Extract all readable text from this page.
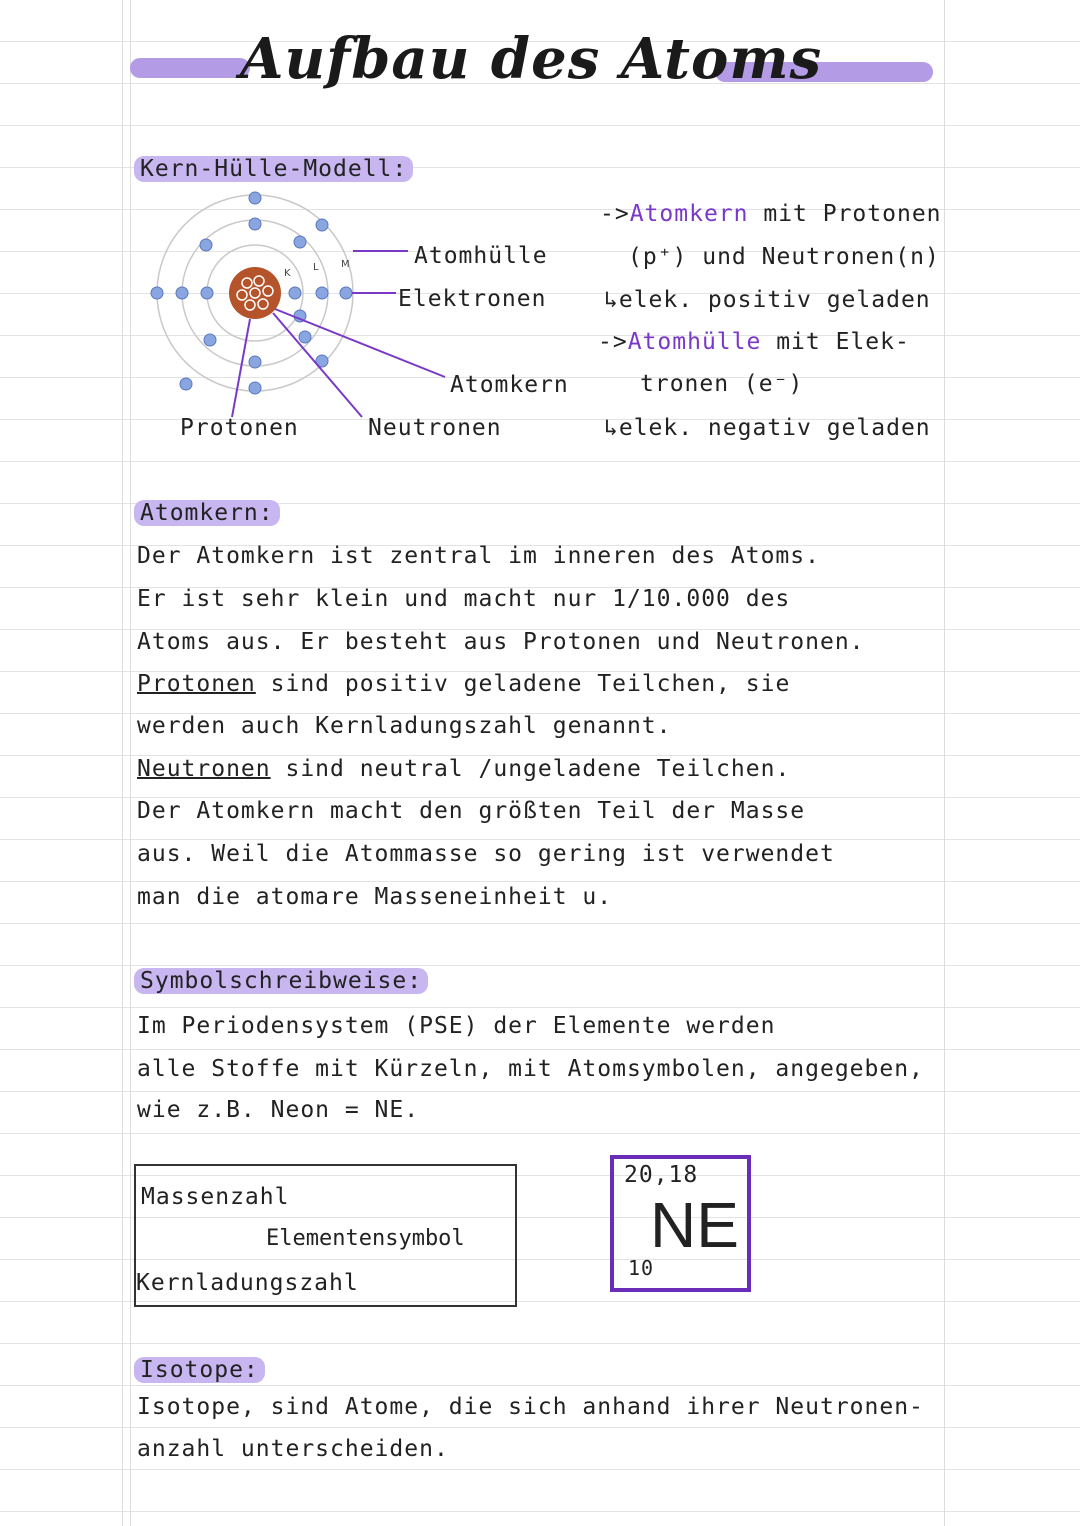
Aufbau des Atoms
Kern-Hülle-Modell:
K
L M	Atomhülle
Elektronen
Atomkern
Protonen	Neutronen
->Atomkern mit Protonen
(p⁺) und Neutronen(n)
↳elek. positiv geladen
->Atomhülle mit Elek-
tronen (e⁻)
↳elek. negativ geladen
Atomkern:
Der Atomkern ist zentral im inneren des Atoms.
Er ist sehr klein und macht nur 1/10.000 des
Atoms aus. Er besteht aus Protonen und Neutronen.
Protonen sind positiv geladene Teilchen, sie
werden auch Kernladungszahl genannt.
Neutronen sind neutral /ungeladene Teilchen.
Der Atomkern macht den größten Teil der Masse
aus. Weil die Atommasse so gering ist verwendet
man die atomare Masseneinheit u.
Symbolschreibweise:
Im Periodensystem (PSE) der Elemente werden
alle Stoffe mit Kürzeln, mit Atomsymbolen, angegeben,
wie z.B. Neon = NE.
Massenzahl
Elementensymbol
Kernladungszahl
20,18
NE
10
Isotope:
Isotope, sind Atome, die sich anhand ihrer Neutronen-
anzahl unterscheiden.
